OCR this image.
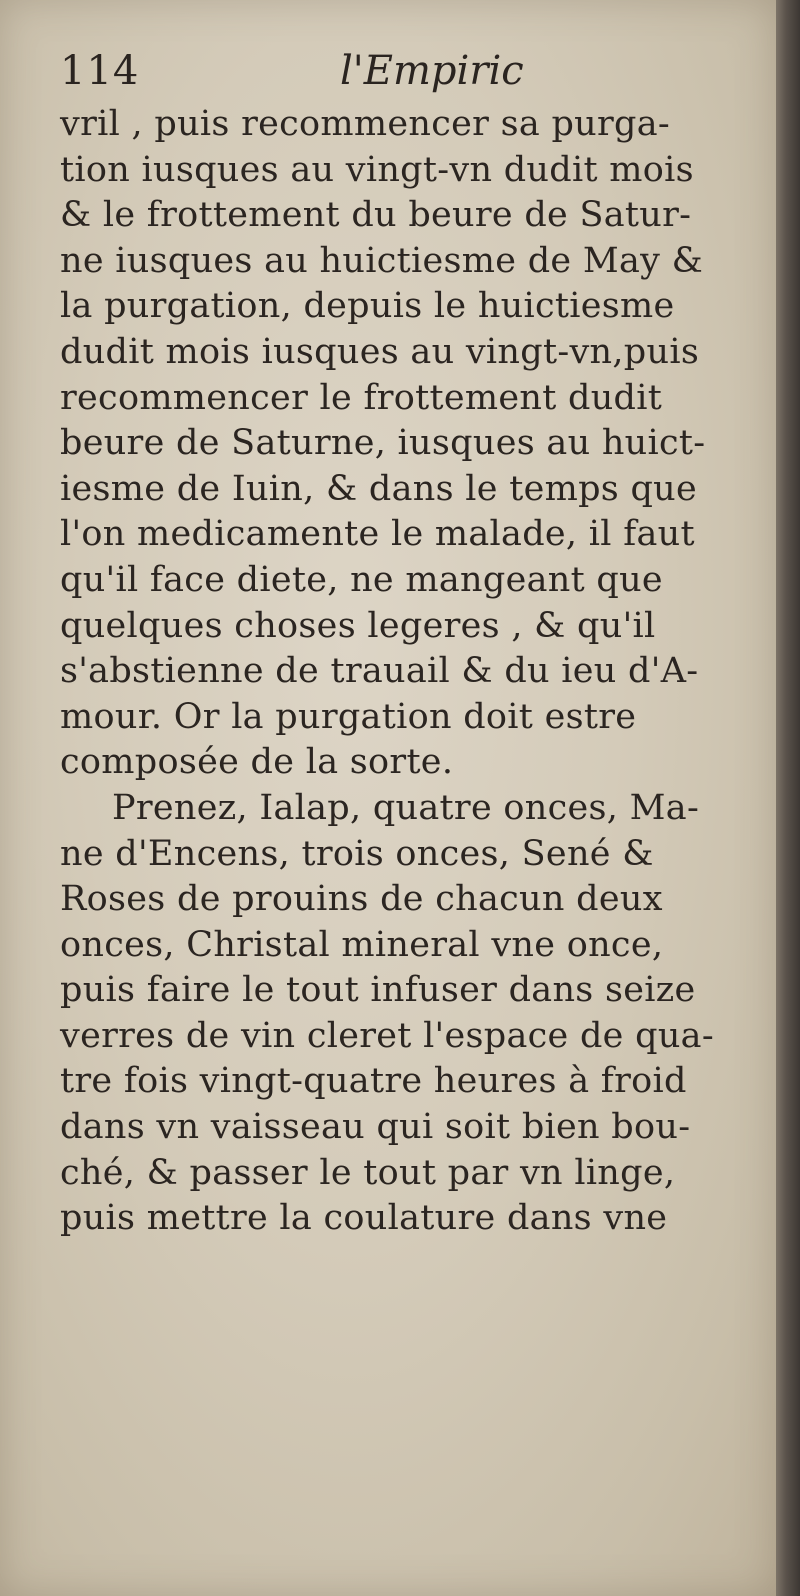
114	l'Empiric
vril , puis recommencer sa purga-
tion iusques au vingt-vn dudit mois
& le frottement du beure de Satur-
ne iusques au huictiesme de May &
la purgation, depuis le huictiesme
dudit mois iusques au vingt-vn,puis
recommencer le frottement dudit
beure de Saturne, iusques au huict-
iesme de Iuin, & dans le temps que
l'on medicamente le malade, il faut
qu'il face diete, ne mangeant que
quelques choses legeres , & qu'il
s'abstienne de trauail & du ieu d'A-
mour. Or la purgation doit estre
composée de la sorte.
Prenez, Ialap, quatre onces, Ma-
ne d'Encens, trois onces, Sené &
Roses de prouins de chacun deux
onces, Christal mineral vne once,
puis faire le tout infuser dans seize
verres de vin cleret l'espace de qua-
tre fois vingt-quatre heures à froid
dans vn vaisseau qui soit bien bou-
ché, & passer le tout par vn linge,
puis mettre la coulature dans vne
